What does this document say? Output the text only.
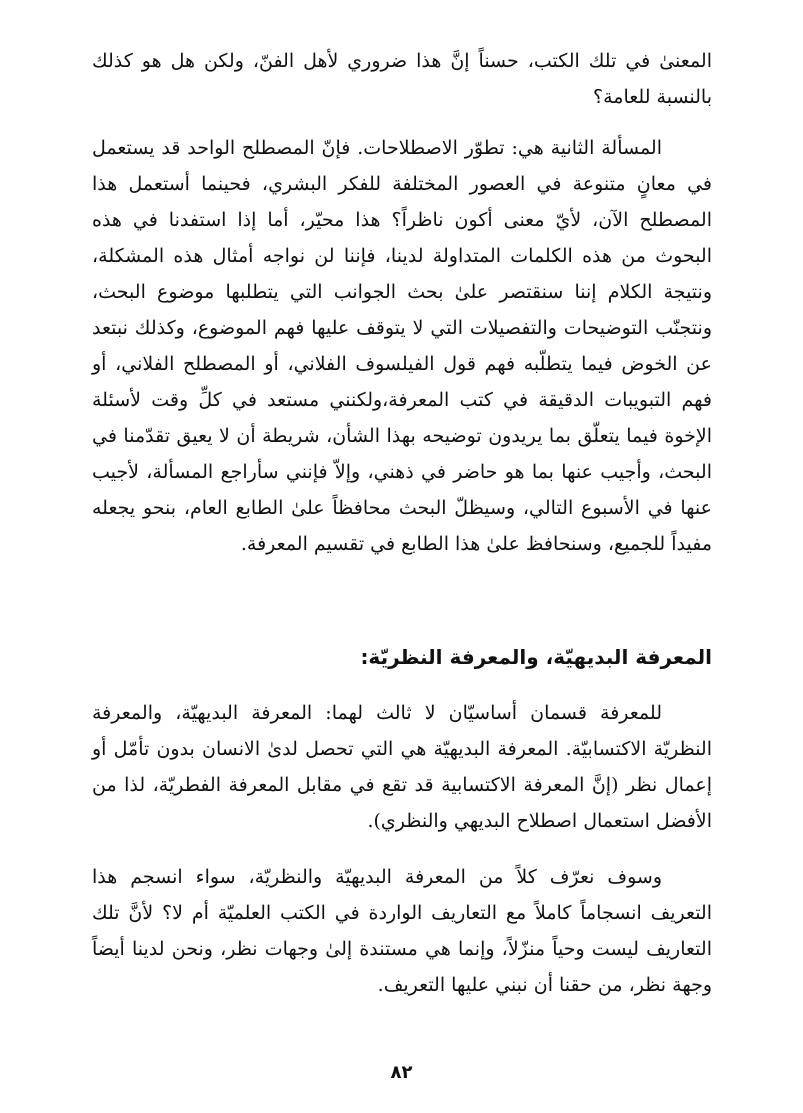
المعنىٰ في تلك الكتب، حسناً إنَّ هذا ضروري لأهل الفنّ، ولكن هل هو كذلك بالنسبة للعامة؟

المسألة الثانية هي: تطوّر الاصطلاحات. فإنّ المصطلح الواحد قد يستعمل في معانٍ متنوعة في العصور المختلفة للفكر البشري، فحينما أستعمل هذا المصطلح الآن، لأيّ معنى أكون ناظراً؟ هذا محيّر، أما إذا استفدنا في هذه البحوث من هذه الكلمات المتداولة لدينا، فإننا لن نواجه أمثال هذه المشكلة، ونتيجة الكلام إننا سنقتصر علىٰ بحث الجوانب التي يتطلبها موضوع البحث، ونتجنّب التوضيحات والتفصيلات التي لا يتوقف عليها فهم الموضوع، وكذلك نبتعد عن الخوض فيما يتطلّبه فهم قول الفيلسوف الفلاني، أو المصطلح الفلاني، أو فهم التبويبات الدقيقة في كتب المعرفة،ولكنني مستعد في كلِّ وقت لأسئلة الإخوة فيما يتعلّق بما يريدون توضيحه بهذا الشأن، شريطة أن لا يعيق تقدّمنا في البحث، وأجيب عنها بما هو حاضر في ذهني، وإلاّ فإنني سأراجع المسألة، لأجيب عنها في الأسبوع التالي، وسيظلّ البحث محافظاً علىٰ الطابع العام، بنحو يجعله مفيداً للجميع، وسنحافظ علىٰ هذا الطابع في تقسيم المعرفة.

المعرفة البديهيّة، والمعرفة النظريّة:

للمعرفة قسمان أساسيّان لا ثالث لهما: المعرفة البديهيّة، والمعرفة النظريّة الاكتسابيّة. المعرفة البديهيّة هي التي تحصل لدىٰ الانسان بدون تأمّل أو إعمال نظر (إنَّ المعرفة الاكتسابية قد تقع في مقابل المعرفة الفطريّة، لذا من الأفضل استعمال اصطلاح البديهي والنظري).

وسوف نعرّف كلاً من المعرفة البديهيّة والنظريّة، سواء انسجم هذا التعريف انسجاماً كاملاً مع التعاريف الواردة في الكتب العلميّة أم لا؟ لأنَّ تلك التعاريف ليست وحياً منزّلاً، وإنما هي مستندة إلىٰ وجهات نظر، ونحن لدينا أيضاً وجهة نظر، من حقنا أن نبني عليها التعريف.

٨٢
